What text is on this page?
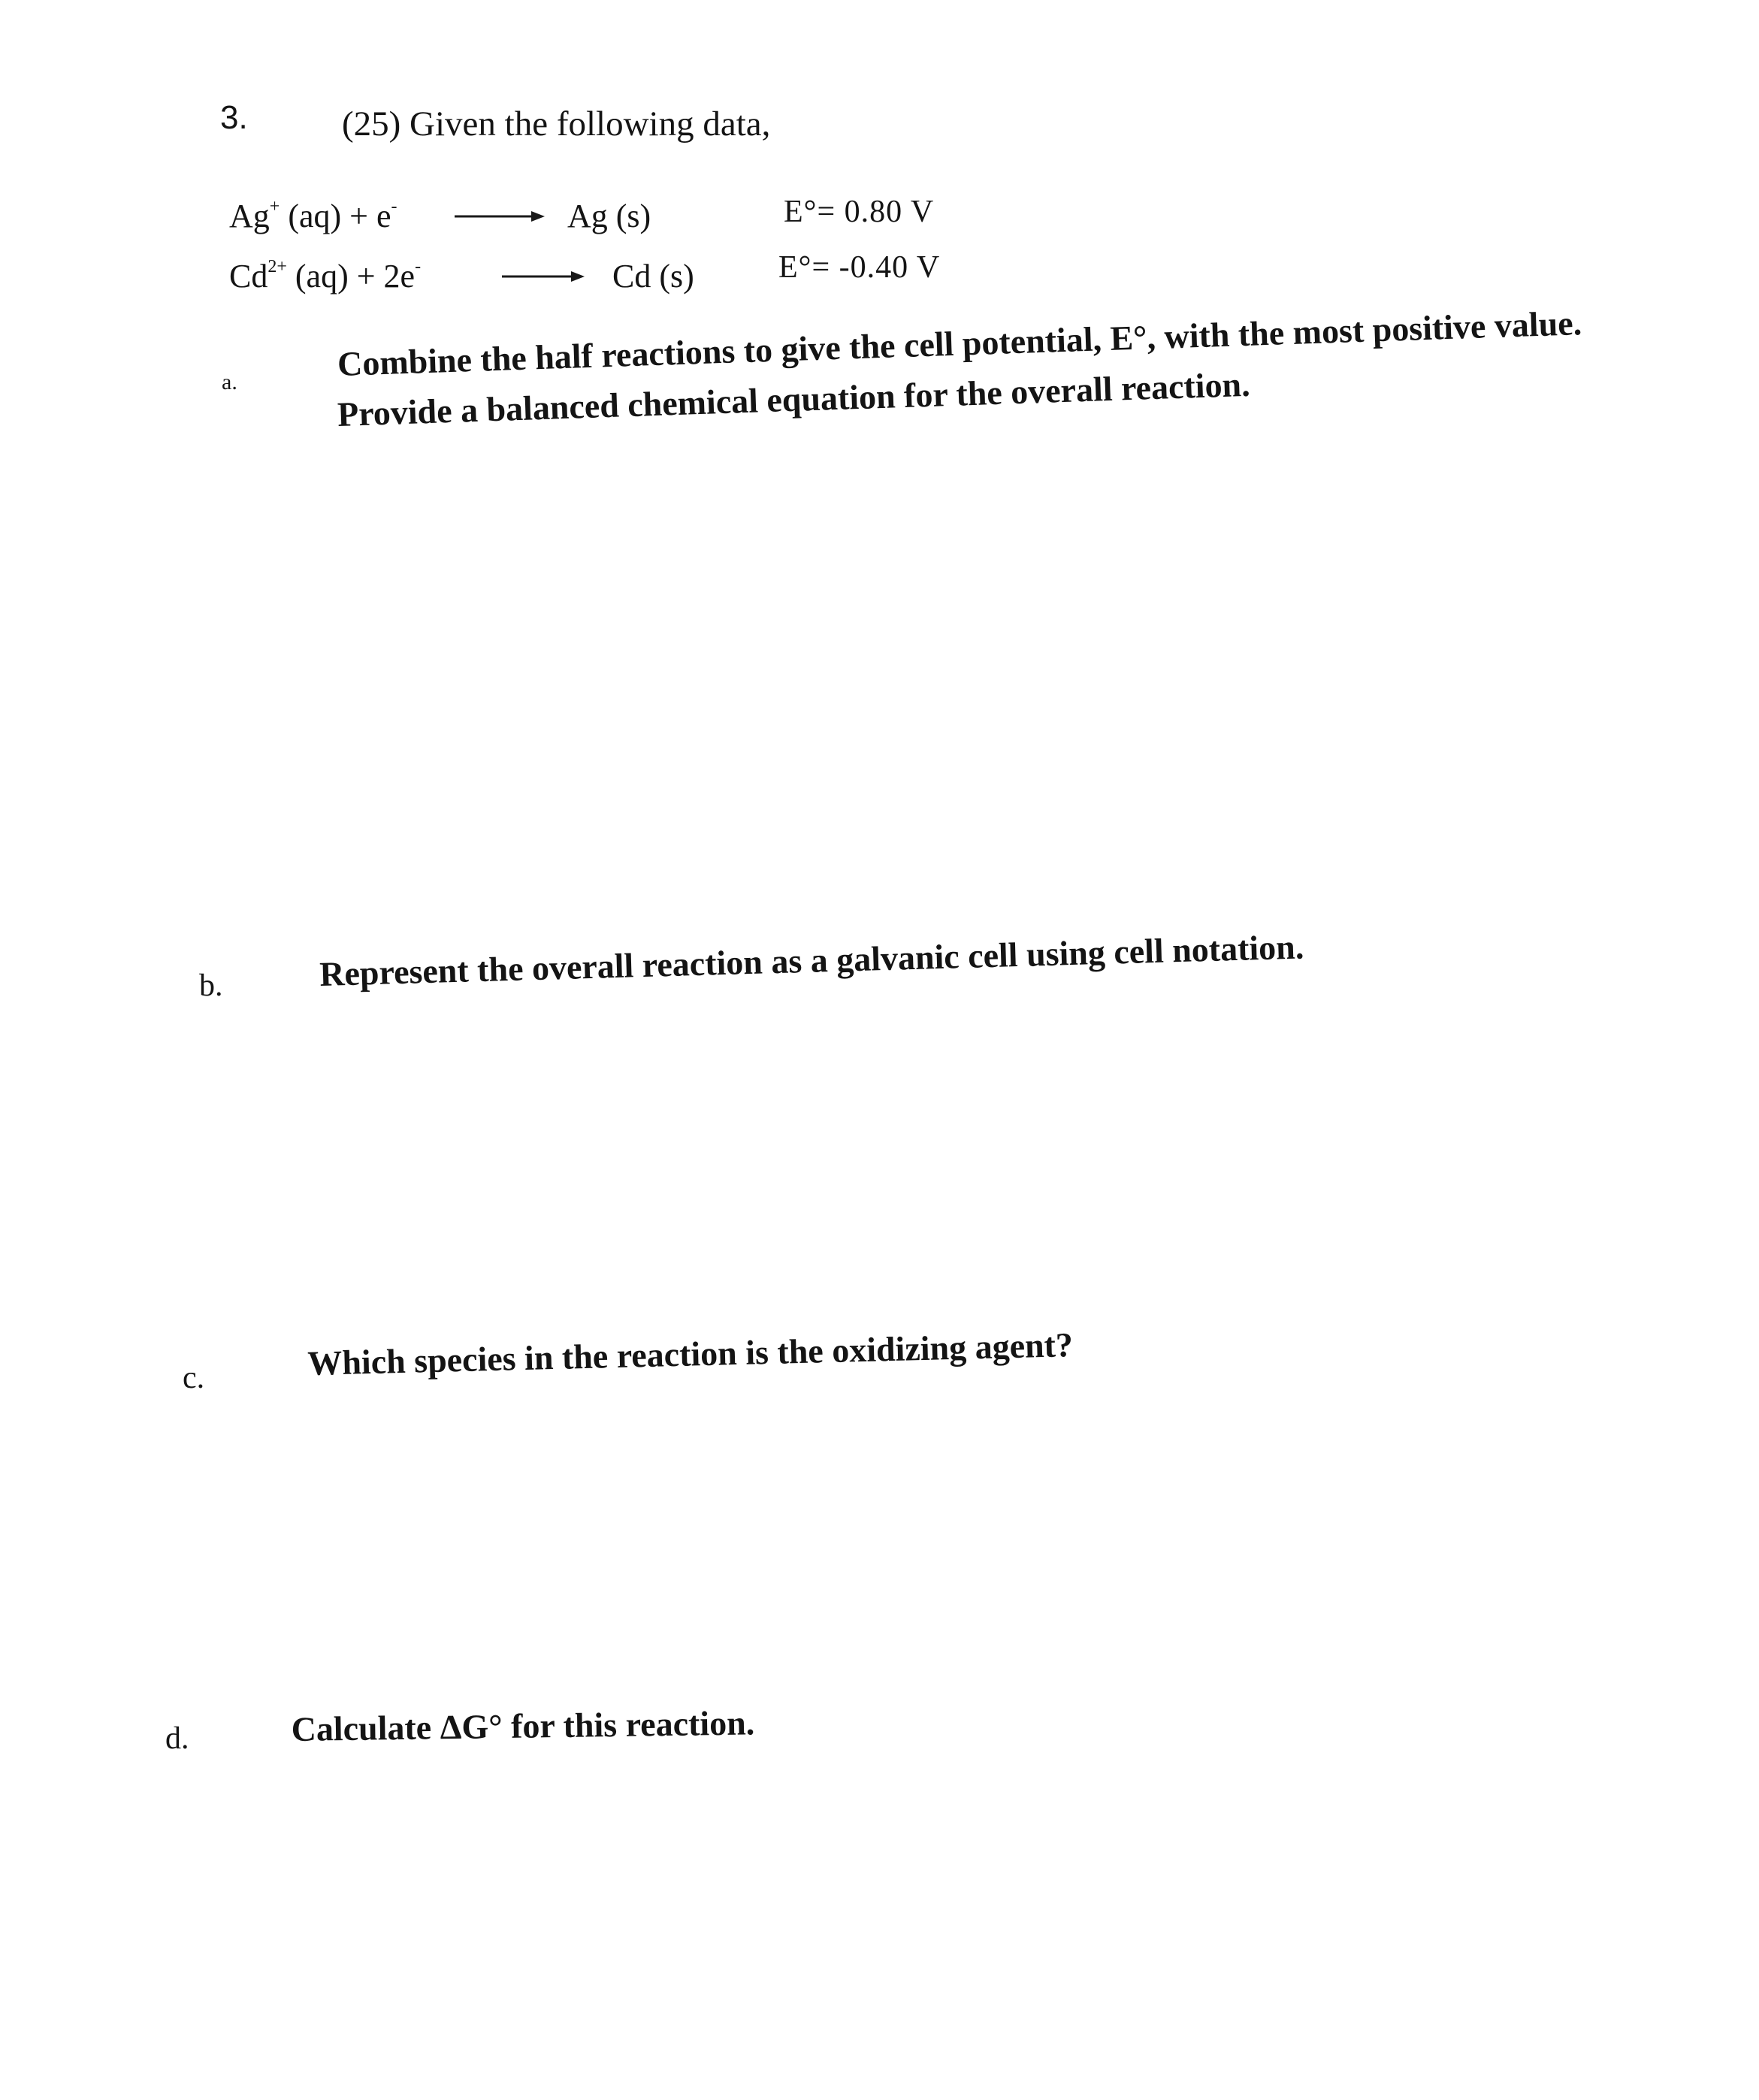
3.	(25) Given the following data,
Ag+ (aq) + e-	Ag (s)	E°= 0.80 V
$Cd^{2+}$ (aq) + 2e-	Cd (s)	E°= -0.40 V
a.	Combine the half reactions to give the cell potential, E°, with the most positive value.
Provide a balanced chemical equation for the overall reaction.
b.	Represent the overall reaction as a galvanic cell using cell notation.
c.	Which species in the reaction is the oxidizing agent?
d.	Calculate ΔG° for this reaction.
